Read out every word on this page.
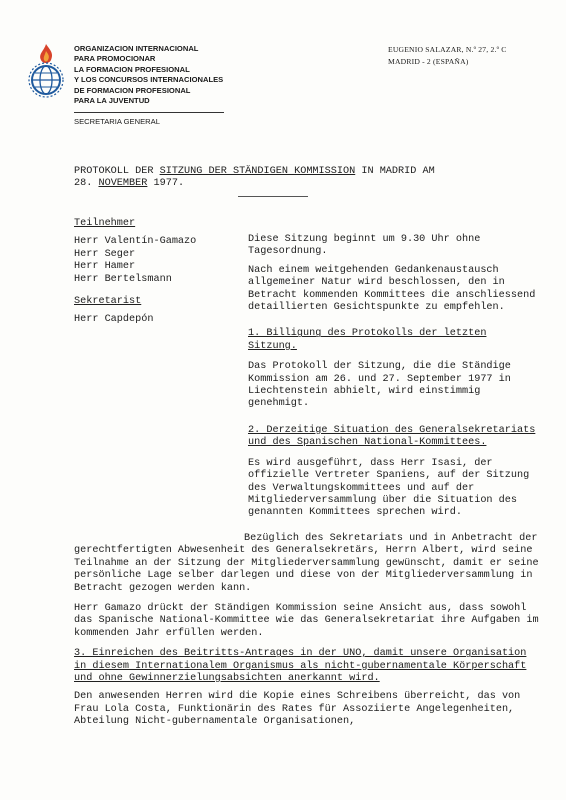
ORGANIZACION INTERNACIONAL
PARA PROMOCIONAR
LA FORMACION PROFESIONAL
Y LOS CONCURSOS INTERNACIONALES
DE FORMACION PROFESIONAL
PARA LA JUVENTUD
SECRETARIA GENERAL
EUGENIO SALAZAR, N.º 27, 2.º C
MADRID - 2 (ESPAÑA)
PROTOKOLL DER SITZUNG DER STÄNDIGEN KOMMISSION IN MADRID AM
28. NOVEMBER 1977.
Teilnehmer
Herr Valentín-Gamazo
Herr Seger
Herr Hamer
Herr Bertelsmann
Sekretarist
Herr Capdepón

Diese Sitzung beginnt um 9.30 Uhr ohne Tagesordnung.

Nach einem weitgehenden Gedankenaustausch allgemeiner Natur wird beschlossen, den in Betracht kommenden Kommittees die anschliessend detaillierten Gesichtspunkte zu empfehlen.

1. Billigung des Protokolls der letzten Sitzung.

Das Protokoll der Sitzung, die die Ständige Kommission am 26. und 27. September 1977 in Liechtenstein abhielt, wird einstimmig genehmigt.

2. Derzeitige Situation des Generalsekretariats und des Spanischen National-Kommittees.

Es wird ausgeführt, dass Herr Isasi, der offizielle Vertreter Spaniens, auf der Sitzung des Verwaltungskommittees und auf der Mitgliederversammlung über die Situation des genannten Kommittees sprechen wird.

Bezüglich des Sekretariats und in Anbetracht der gerechtfertigten Abwesenheit des Generalsekretärs, Herrn Albert, wird seine Teilnahme an der Sitzung der Mitgliederversammlung gewünscht, damit er seine persönliche Lage selber darlegen und diese von der Mitgliederversammlung in Betracht gezogen werden kann.

Herr Gamazo drückt der Ständigen Kommission seine Ansicht aus, dass sowohl das Spanische National-Kommittee wie das Generalsekretariat ihre Aufgaben im kommenden Jahr erfüllen werden.

3. Einreichen des Beitritts-Antrages in der UNO, damit unsere Organisation in diesem Internationalem Organismus als nicht-gubernamentale Körperschaft und ohne Gewinnerzielungsabsichten anerkannt wird.

Den anwesenden Herren wird die Kopie eines Schreibens überreicht, das von Frau Lola Costa, Funktionärin des Rates für Assoziierte Angelegenheiten, Abteilung Nicht-gubernamentale Organisationen,
